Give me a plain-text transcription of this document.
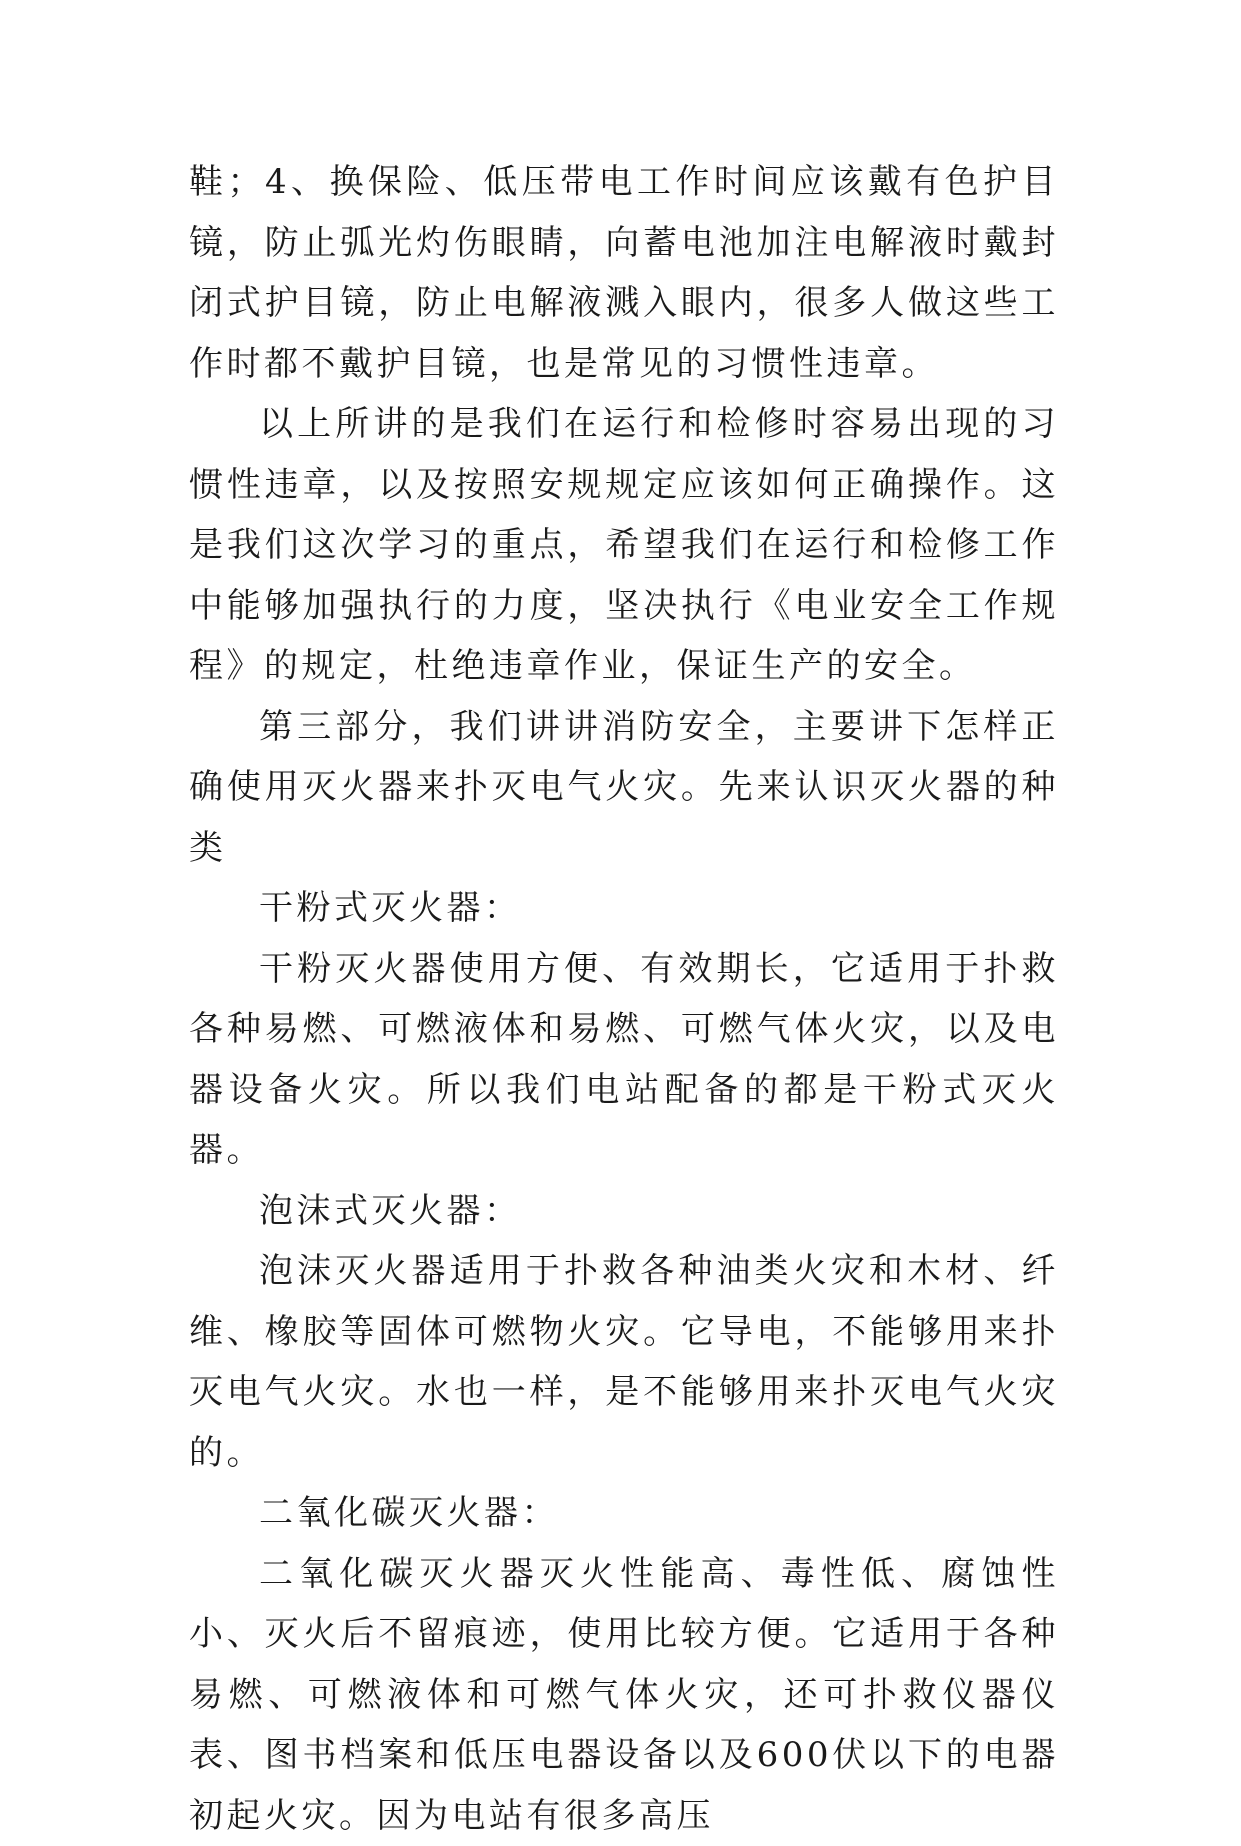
鞋；4、换保险、低压带电工作时间应该戴有色护目镜，防止弧光灼伤眼睛，向蓄电池加注电解液时戴封闭式护目镜，防止电解液溅入眼内，很多人做这些工作时都不戴护目镜，也是常见的习惯性违章。

以上所讲的是我们在运行和检修时容易出现的习惯性违章，以及按照安规规定应该如何正确操作。这是我们这次学习的重点，希望我们在运行和检修工作中能够加强执行的力度，坚决执行《电业安全工作规程》的规定，杜绝违章作业，保证生产的安全。

第三部分，我们讲讲消防安全，主要讲下怎样正确使用灭火器来扑灭电气火灾。先来认识灭火器的种类

干粉式灭火器：

干粉灭火器使用方便、有效期长，它适用于扑救各种易燃、可燃液体和易燃、可燃气体火灾，以及电器设备火灾。所以我们电站配备的都是干粉式灭火器。

泡沫式灭火器：

泡沫灭火器适用于扑救各种油类火灾和木材、纤维、橡胶等固体可燃物火灾。它导电，不能够用来扑灭电气火灾。水也一样，是不能够用来扑灭电气火灾的。

二氧化碳灭火器：

二氧化碳灭火器灭火性能高、毒性低、腐蚀性小、灭火后不留痕迹，使用比较方便。它适用于各种易燃、可燃液体和可燃气体火灾，还可扑救仪器仪表、图书档案和低压电器设备以及600伏以下的电器初起火灾。因为电站有很多高压
